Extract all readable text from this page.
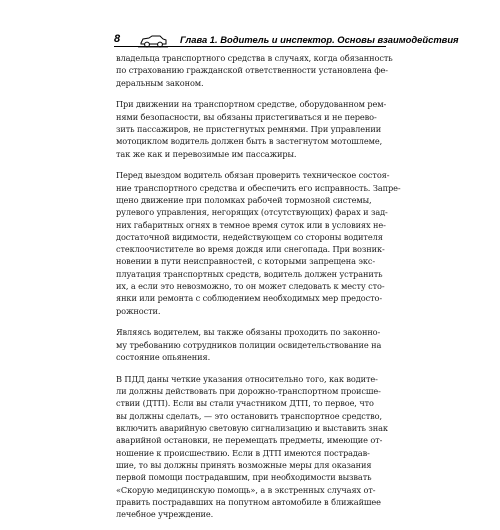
8	Глава 1. Водитель и инспектор. Основы взаимодействия

владельца транспортного средства в случаях, когда обязанность
по страхованию гражданской ответственности установлена фе-
деральным законом.

При движении на транспортном средстве, оборудованном рем-
нями безопасности, вы обязаны пристегиваться и не перево-
зить пассажиров, не пристегнутых ремнями. При управлении
мотоциклом водитель должен быть в застегнутом мотошлеме,
так же как и перевозимые им пассажиры.

Перед выездом водитель обязан проверить техническое состоя-
ние транспортного средства и обеспечить его исправность. Запре-
щено движение при поломках рабочей тормозной системы,
рулевого управления, негорящих (отсутствующих) фарах и зад-
них габаритных огнях в темное время суток или в условиях не-
достаточной видимости, недействующем со стороны водителя
стеклоочистителе во время дождя или снегопада. При возник-
новении в пути неисправностей, с которыми запрещена экс-
плуатация транспортных средств, водитель должен устранить
их, а если это невозможно, то он может следовать к месту сто-
янки или ремонта с соблюдением необходимых мер предосто-
рожности.

Являясь водителем, вы также обязаны проходить по законно-
му требованию сотрудников полиции освидетельствование на
состояние опьянения.

В ПДД даны четкие указания относительно того, как водите-
ли должны действовать при дорожно-транспортном происше-
ствии (ДТП). Если вы стали участником ДТП, то первое, что
вы должны сделать, — это остановить транспортное средство,
включить аварийную световую сигнализацию и выставить знак
аварийной остановки, не перемещать предметы, имеющие от-
ношение к происшествию. Если в ДТП имеются пострадав-
шие, то вы должны принять возможные меры для оказания
первой помощи пострадавшим, при необходимости вызвать
«Скорую медицинскую помощь», а в экстренных случаях от-
править пострадавших на попутном автомобиле в ближайшее
лечебное учреждение.
